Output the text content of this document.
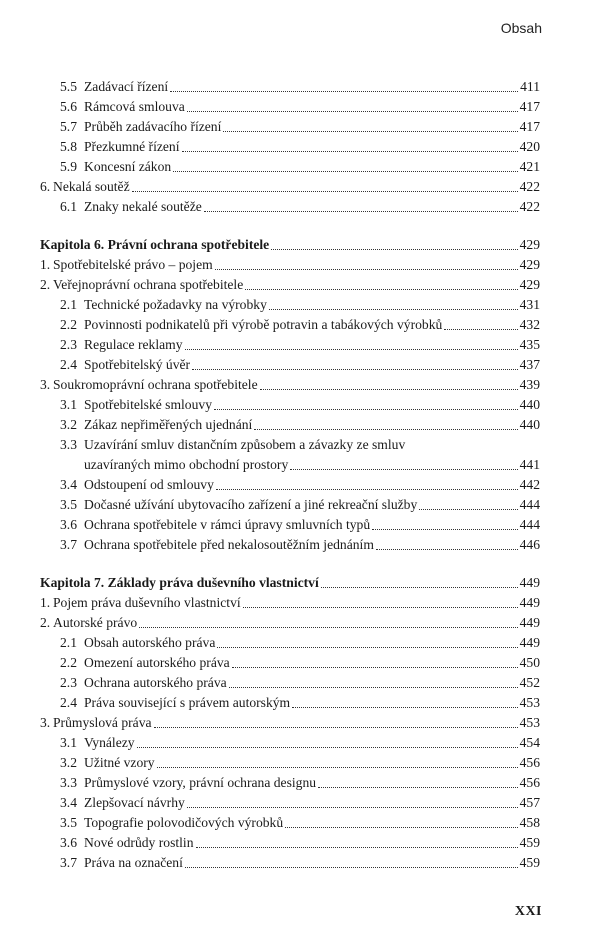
Obsah
5.5 Zadávací řízení	411
5.6 Rámcová smlouva	417
5.7 Průběh zadávacího řízení	417
5.8 Přezkumné řízení	420
5.9 Koncesní zákon	421
6. Nekalá soutěž	422
6.1 Znaky nekalé soutěže	422
Kapitola 6. Právní ochrana spotřebitele	429
1. Spotřebitelské právo – pojem	429
2. Veřejnoprávní ochrana spotřebitele	429
2.1 Technické požadavky na výrobky	431
2.2 Povinnosti podnikatelů při výrobě potravin a tabákových výrobků	432
2.3 Regulace reklamy	435
2.4 Spotřebitelský úvěr	437
3. Soukromoprávní ochrana spotřebitele	439
3.1 Spotřebitelské smlouvy	440
3.2 Zákaz nepřiměřených ujednání	440
3.3 Uzavírání smluv distančním způsobem a závazky ze smluv
uzavíraných mimo obchodní prostory	441
3.4 Odstoupení od smlouvy	442
3.5 Dočasné užívání ubytovacího zařízení a jiné rekreační služby	444
3.6 Ochrana spotřebitele v rámci úpravy smluvních typů	444
3.7 Ochrana spotřebitele před nekalosoutěžním jednáním	446
Kapitola 7. Základy práva duševního vlastnictví	449
1. Pojem práva duševního vlastnictví	449
2. Autorské právo	449
2.1 Obsah autorského práva	449
2.2 Omezení autorského práva	450
2.3 Ochrana autorského práva	452
2.4 Práva související s právem autorským	453
3. Průmyslová práva	453
3.1 Vynálezy	454
3.2 Užitné vzory	456
3.3 Průmyslové vzory, právní ochrana designu	456
3.4 Zlepšovací návrhy	457
3.5 Topografie polovodičových výrobků	458
3.6 Nové odrůdy rostlin	459
3.7 Práva na označení	459
XXI
